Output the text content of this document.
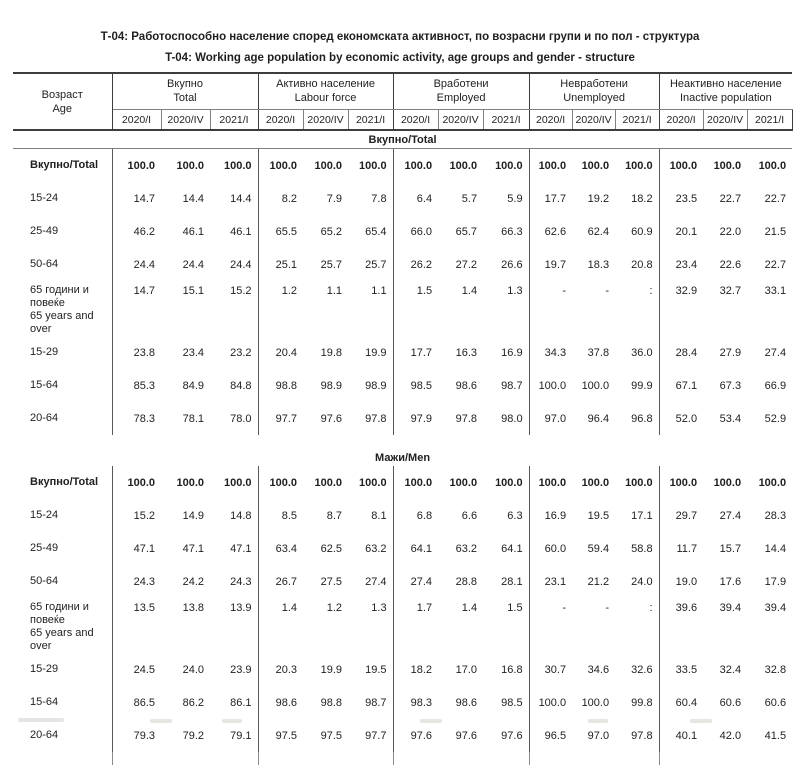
Т-04: Работоспособно население според економската активност, по возрасни групи и по пол - структура
T-04: Working age population by economic activity, age groups and gender - structure
Возраст
Age

Вкупно
Total

Активно население
Labour force

Вработени
Employed

Невработени
Unemployed

Неактивно население
Inactive population

	2020/I	2020/IV	2021/I	2020/I	2020/IV	2021/I	2020/I	2020/IV	2021/I	2020/I	2020/IV	2021/I	2020/I	2020/IV	2021/I
Вкупно/Total															

Вкупно/Total	100.0	100.0	100.0	100.0	100.0	100.0	100.0	100.0	100.0	100.0	100.0	100.0	100.0	100.0	100.0

15-24	14.7	14.4	14.4	8.2	7.9	7.8	6.4	5.7	5.9	17.7	19.2	18.2	23.5	22.7	22.7

25-49	46.2	46.1	46.1	65.5	65.2	65.4	66.0	65.7	66.3	62.6	62.4	60.9	20.1	22.0	21.5

50-64	24.4	24.4	24.4	25.1	25.7	25.7	26.2	27.2	26.6	19.7	18.3	20.8	23.4	22.6	22.7

65 години и повеќе
65 years and over	14.7	15.1	15.2	1.2	1.1	1.1	1.5	1.4	1.3	-	-	:	32.9	32.7	33.1

15-29	23.8	23.4	23.2	20.4	19.8	19.9	17.7	16.3	16.9	34.3	37.8	36.0	28.4	27.9	27.4

15-64	85.3	84.9	84.8	98.8	98.9	98.9	98.5	98.6	98.7	100.0	100.0	99.9	67.1	67.3	66.9

20-64	78.3	78.1	78.0	97.7	97.6	97.8	97.9	97.8	98.0	97.0	96.4	96.8	52.0	53.4	52.9

Мажи/Men															

Вкупно/Total	100.0	100.0	100.0	100.0	100.0	100.0	100.0	100.0	100.0	100.0	100.0	100.0	100.0	100.0	100.0

15-24	15.2	14.9	14.8	8.5	8.7	8.1	6.8	6.6	6.3	16.9	19.5	17.1	29.7	27.4	28.3

25-49	47.1	47.1	47.1	63.4	62.5	63.2	64.1	63.2	64.1	60.0	59.4	58.8	11.7	15.7	14.4

50-64	24.3	24.2	24.3	26.7	27.5	27.4	27.4	28.8	28.1	23.1	21.2	24.0	19.0	17.6	17.9

65 години и повеќе
65 years and over	13.5	13.8	13.9	1.4	1.2	1.3	1.7	1.4	1.5	-	-	:	39.6	39.4	39.4

15-29	24.5	24.0	23.9	20.3	19.9	19.5	18.2	17.0	16.8	30.7	34.6	32.6	33.5	32.4	32.8

15-64	86.5	86.2	86.1	98.6	98.8	98.7	98.3	98.6	98.5	100.0	100.0	99.8	60.4	60.6	60.6

20-64	79.3	79.2	79.1	97.5	97.5	97.7	97.6	97.6	97.6	96.5	97.0	97.8	40.1	42.0	41.5
